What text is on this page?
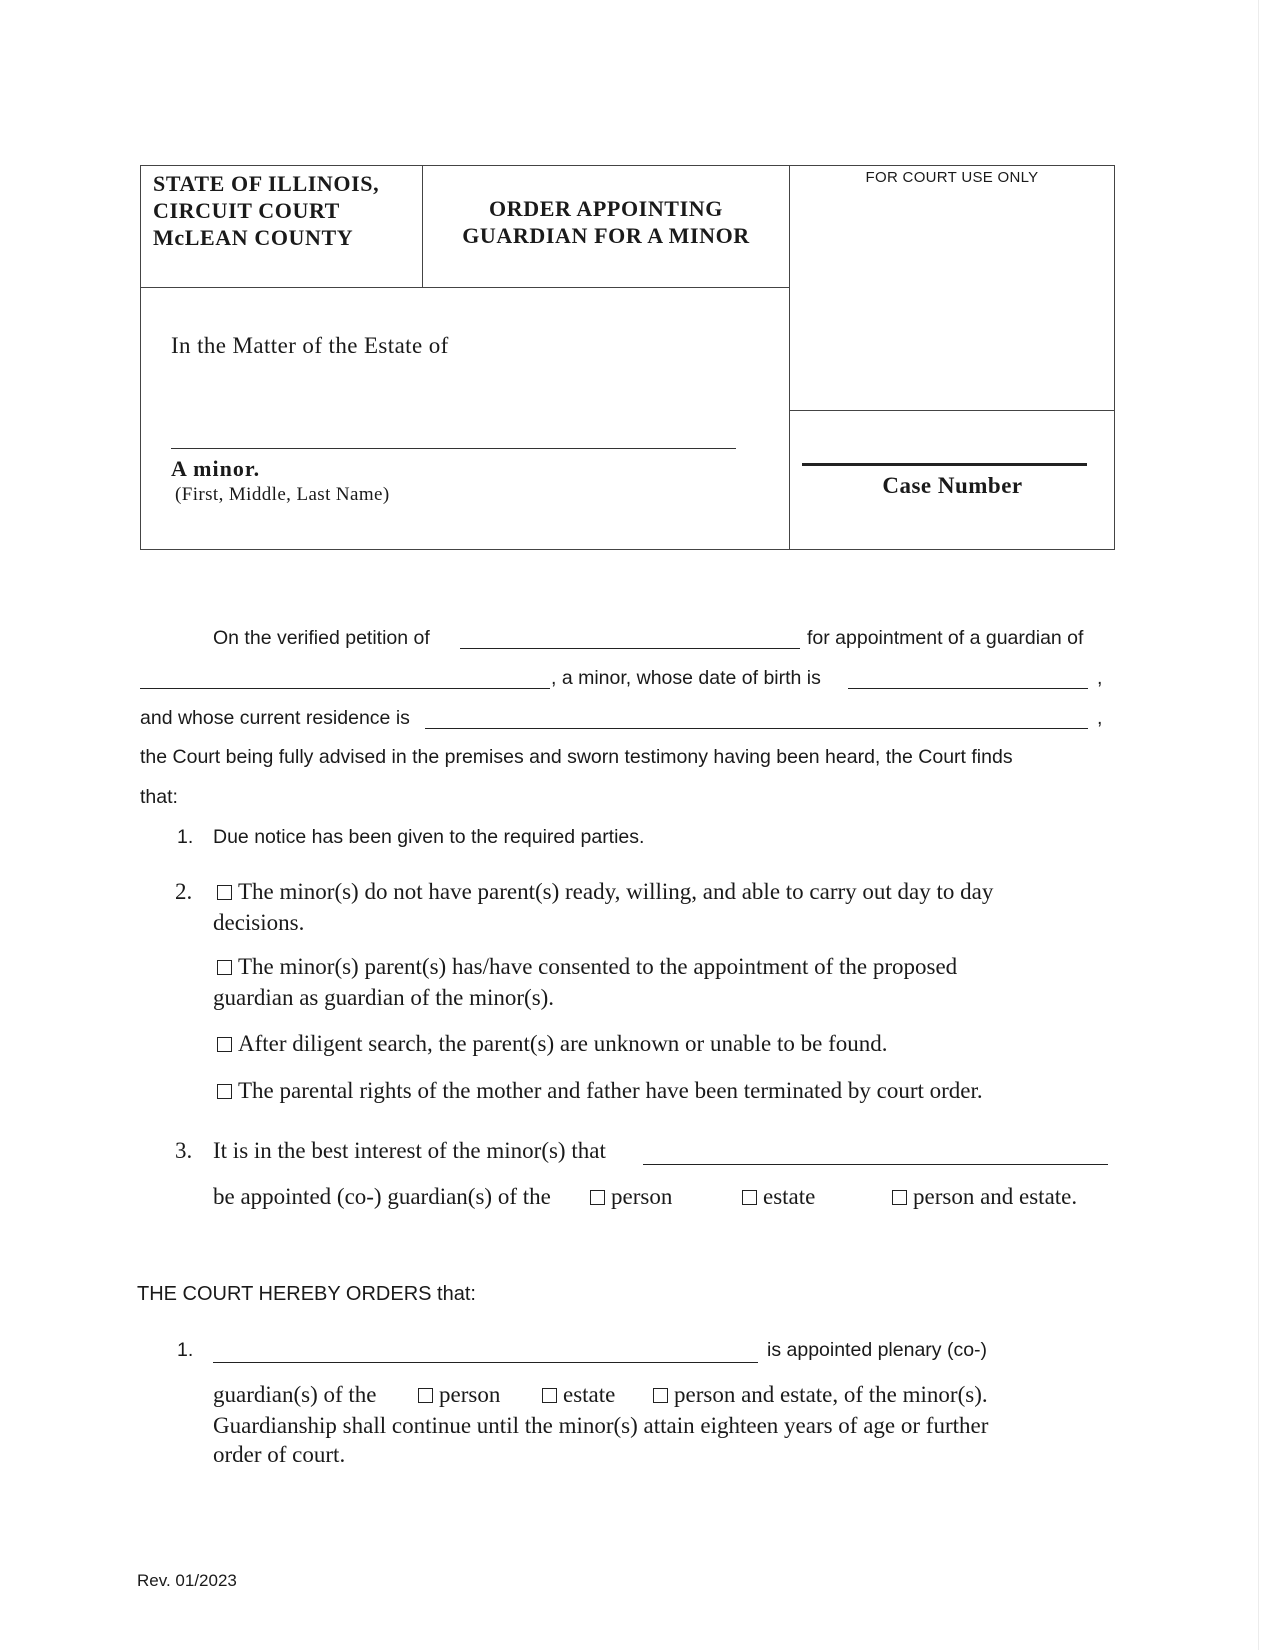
STATE OF ILLINOIS,
CIRCUIT COURT
McLEAN COUNTY
ORDER APPOINTING
GUARDIAN FOR A MINOR
FOR COURT USE ONLY
In the Matter of the Estate of
A minor.
(First, Middle, Last Name)	Case Number
On the verified petition of	for appointment of a guardian of
, a minor, whose date of birth is	,
and whose current residence is	,
the Court being fully advised in the premises and sworn testimony having been heard, the Court finds
that:
1. Due notice has been given to the required parties.
2.	The minor(s) do not have parent(s) ready, willing, and able to carry out day to day
decisions.
The minor(s) parent(s) has/have consented to the appointment of the proposed
guardian as guardian of the minor(s).
After diligent search, the parent(s) are unknown or unable to be found.
The parental rights of the mother and father have been terminated by court order.
3. It is in the best interest of the minor(s) that
be appointed (co-) guardian(s) of the	person	estate	person and estate.
THE COURT HEREBY ORDERS that:
1.	is appointed plenary (co-)
guardian(s) of the	person	estate	person and estate, of the minor(s).
Guardianship shall continue until the minor(s) attain eighteen years of age or further
order of court.
Rev. 01/2023
